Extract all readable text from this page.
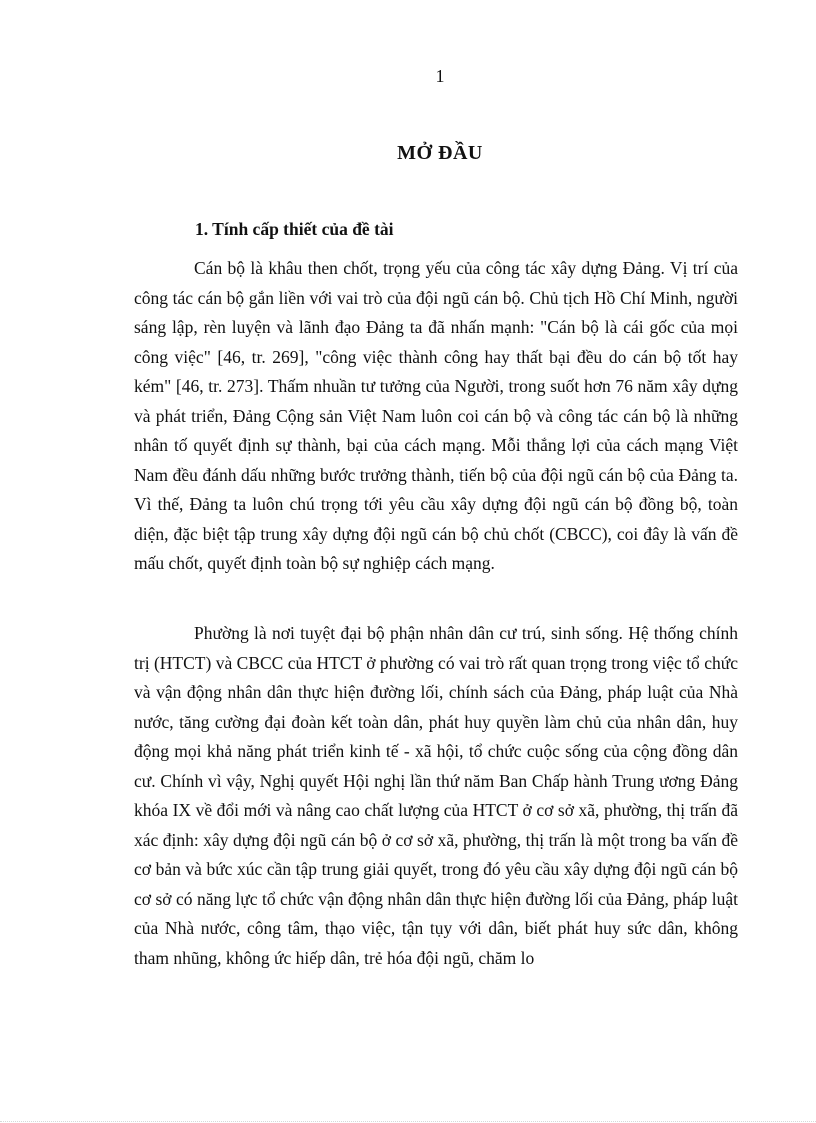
1
MỞ ĐẦU
1. Tính cấp thiết của đề tài

Cán bộ là khâu then chốt, trọng yếu của công tác xây dựng Đảng. Vị trí của công tác cán bộ gắn liền với vai trò của đội ngũ cán bộ. Chủ tịch Hồ Chí Minh, người sáng lập, rèn luyện và lãnh đạo Đảng ta đã nhấn mạnh: "Cán bộ là cái gốc của mọi công việc" [46, tr. 269], "công việc thành công hay thất bại đều do cán bộ tốt hay kém" [46, tr. 273]. Thấm nhuần tư tưởng của Người, trong suốt hơn 76 năm xây dựng và phát triển, Đảng Cộng sản Việt Nam luôn coi cán bộ và công tác cán bộ là những nhân tố quyết định sự thành, bại của cách mạng. Mỗi thắng lợi của cách mạng Việt Nam đều đánh dấu những bước trưởng thành, tiến bộ của đội ngũ cán bộ của Đảng ta. Vì thế, Đảng ta luôn chú trọng tới yêu cầu xây dựng đội ngũ cán bộ đồng bộ, toàn diện, đặc biệt tập trung xây dựng đội ngũ cán bộ chủ chốt (CBCC), coi đây là vấn đề mấu chốt, quyết định toàn bộ sự nghiệp cách mạng.

Phường là nơi tuyệt đại bộ phận nhân dân cư trú, sinh sống. Hệ thống chính trị (HTCT) và CBCC của HTCT ở phường có vai trò rất quan trọng trong việc tổ chức và vận động nhân dân thực hiện đường lối, chính sách của Đảng, pháp luật của Nhà nước, tăng cường đại đoàn kết toàn dân, phát huy quyền làm chủ của nhân dân, huy động mọi khả năng phát triển kinh tế - xã hội, tổ chức cuộc sống của cộng đồng dân cư. Chính vì vậy, Nghị quyết Hội nghị lần thứ năm Ban Chấp hành Trung ương Đảng khóa IX về đổi mới và nâng cao chất lượng của HTCT ở cơ sở xã, phường, thị trấn đã xác định: xây dựng đội ngũ cán bộ ở cơ sở xã, phường, thị trấn là một trong ba vấn đề cơ bản và bức xúc cần tập trung giải quyết, trong đó yêu cầu xây dựng đội ngũ cán bộ cơ sở có năng lực tổ chức vận động nhân dân thực hiện đường lối của Đảng, pháp luật của Nhà nước, công tâm, thạo việc, tận tụy với dân, biết phát huy sức dân, không tham nhũng, không ức hiếp dân, trẻ hóa đội ngũ, chăm lo
